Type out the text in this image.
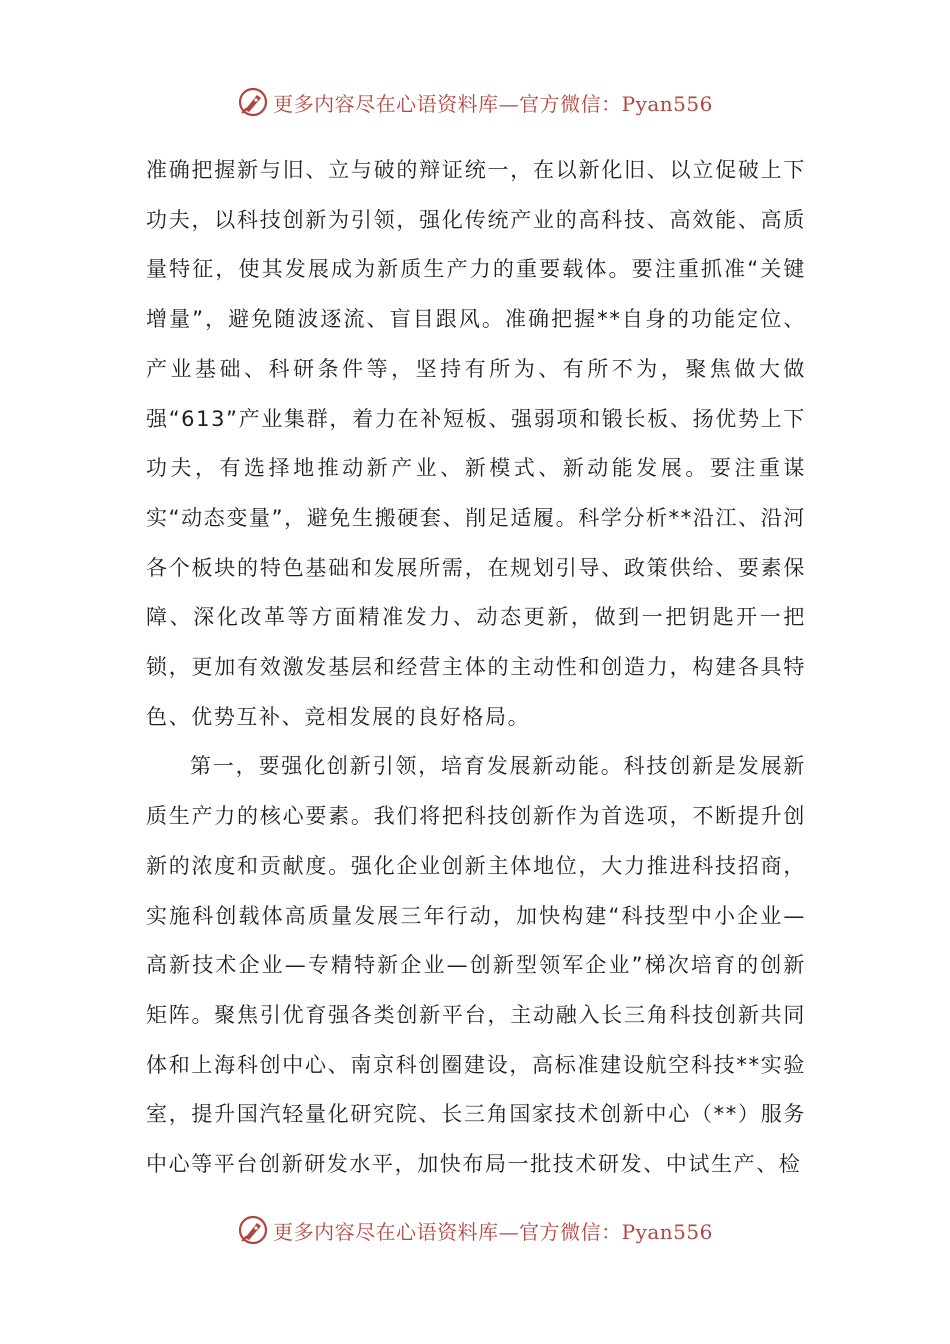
更多内容尽在心语资料库—官方微信：Pyan556

准确把握新与旧、立与破的辩证统一，在以新化旧、以立促破上下功夫，以科技创新为引领，强化传统产业的高科技、高效能、高质量特征，使其发展成为新质生产力的重要载体。要注重抓准“关键增量”，避免随波逐流、盲目跟风。准确把握**自身的功能定位、产业基础、科研条件等，坚持有所为、有所不为，聚焦做大做强“613”产业集群，着力在补短板、强弱项和锻长板、扬优势上下功夫，有选择地推动新产业、新模式、新动能发展。要注重谋实“动态变量”，避免生搬硬套、削足适履。科学分析**沿江、沿河各个板块的特色基础和发展所需，在规划引导、政策供给、要素保障、深化改革等方面精准发力、动态更新，做到一把钥匙开一把锁，更加有效激发基层和经营主体的主动性和创造力，构建各具特色、优势互补、竞相发展的良好格局。

第一，要强化创新引领，培育发展新动能。科技创新是发展新质生产力的核心要素。我们将把科技创新作为首选项，不断提升创新的浓度和贡献度。强化企业创新主体地位，大力推进科技招商，实施科创载体高质量发展三年行动，加快构建“科技型中小企业—高新技术企业—专精特新企业—创新型领军企业”梯次培育的创新矩阵。聚焦引优育强各类创新平台，主动融入长三角科技创新共同体和上海科创中心、南京科创圈建设，高标准建设航空科技**实验室，提升国汽轻量化研究院、长三角国家技术创新中心（**）服务中心等平台创新研发水平，加快布局一批技术研发、中试生产、检

更多内容尽在心语资料库—官方微信：Pyan556
